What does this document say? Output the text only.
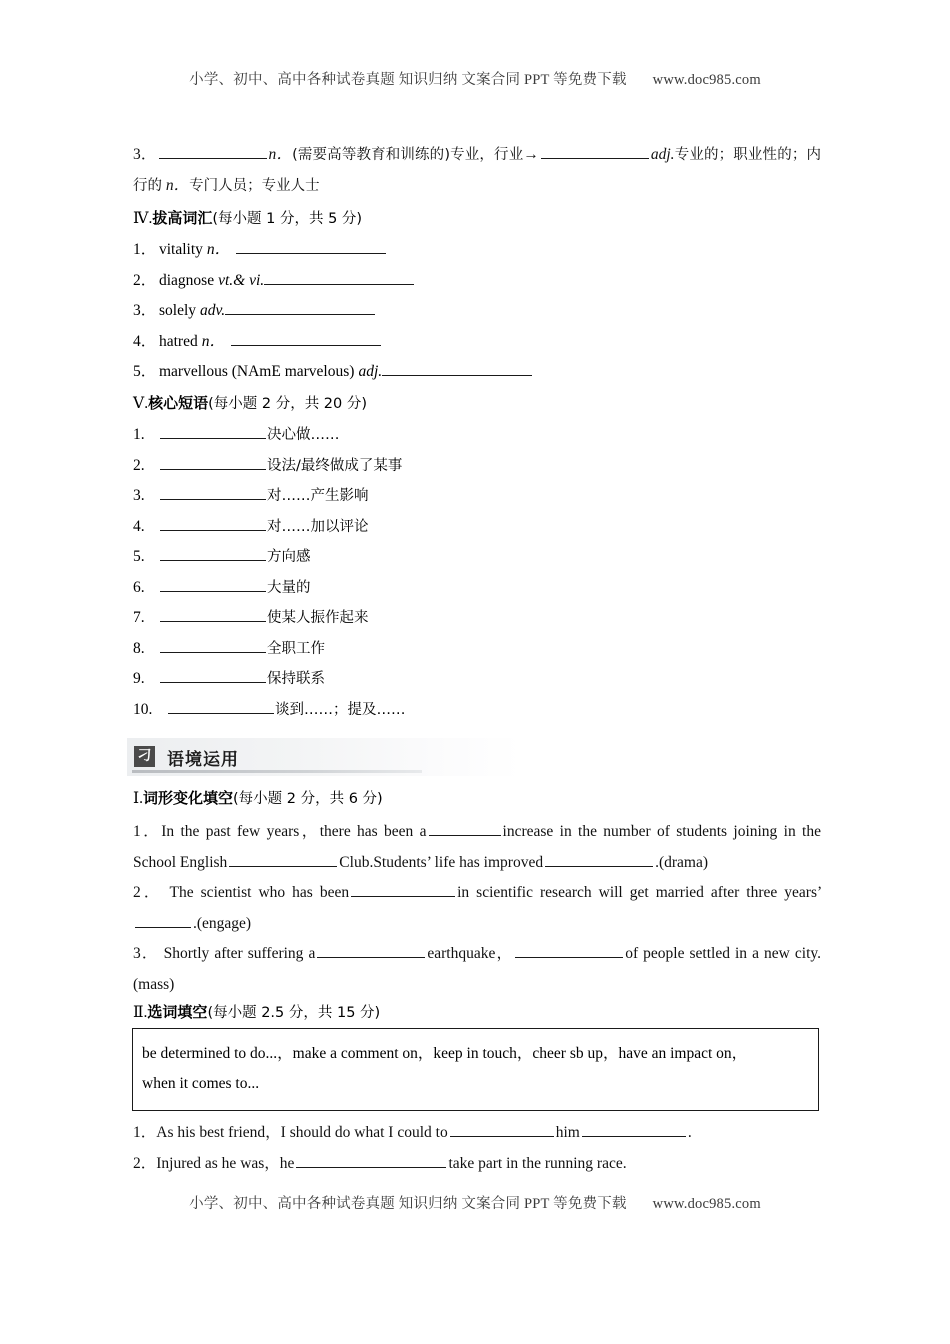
小学、初中、高中各种试卷真题 知识归纳 文案合同 PPT 等免费下载 www.doc985.com
3．	n．(需要高等教育和训练的)专业，行业→	adj.专业的；职业性的；内行的 n．专门人员；专业人士
Ⅳ.拔高词汇(每小题 1 分，共 5 分)
1． vitality n．
2． diagnose vt.& vi.
3． solely adv.
4． hatred n．
5． marvellous (NAmE marvelous) adj.
Ⅴ.核心短语(每小题 2 分，共 20 分)
1.	决心做……
2.	设法/最终做成了某事
3.	对……产生影响
4.	对……加以评论
5.	方向感
6.	大量的
7.	使某人振作起来
8.	全职工作
9.	保持联系
10.	谈到……；提及……
刁 语境运用
Ⅰ.词形变化填空(每小题 2 分，共 6 分)
1．In the past few years，there has been a	increase in the number of students joining in the School English	Club.Students’ life has improved	.(drama)
2． The scientist who has been	in scientific research will get married after three years’ .(engage)
3． Shortly after suffering a	earthquake，	of people settled in a new city.(mass)
Ⅱ.选词填空(每小题 2.5 分，共 15 分)
be determined to do...，make a comment on，keep in touch，cheer sb up，have an impact on，
when it comes to...
1．As his best friend，I should do what I could to	him	.
2．Injured as he was，he	take part in the running race.
小学、初中、高中各种试卷真题 知识归纳 文案合同 PPT 等免费下载 www.doc985.com
